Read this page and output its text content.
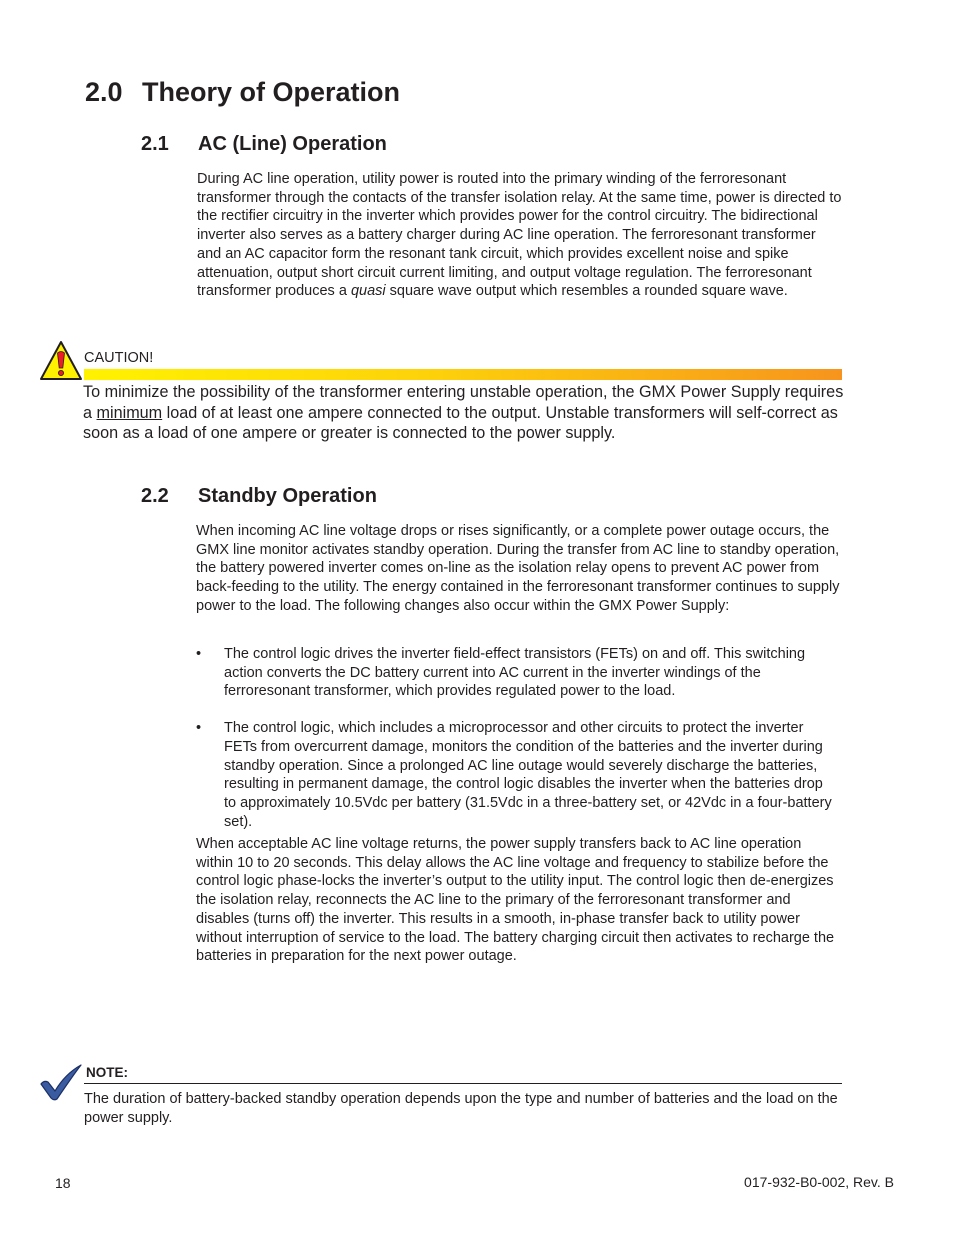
2.0 Theory of Operation
2.1 AC (Line) Operation

During AC line operation, utility power is routed into the primary winding of the ferroresonant transformer through the contacts of the transfer isolation relay. At the same time, power is directed to the rectifier circuitry in the inverter which provides power for the control circuitry. The bidirectional inverter also serves as a battery charger during AC line operation. The ferroresonant transformer and an AC capacitor form the resonant tank circuit, which provides excellent noise and spike attenuation, output short circuit current limiting, and output voltage regulation. The ferroresonant transformer produces a quasi square wave output which resembles a rounded square wave.

CAUTION!

To minimize the possibility of the transformer entering unstable operation, the GMX Power Supply requires a minimum load of at least one ampere connected to the output. Unstable transformers will self-correct as soon as a load of one ampere or greater is connected to the power supply.

2.2 Standby Operation

When incoming AC line voltage drops or rises significantly, or a complete power outage occurs, the GMX line monitor activates standby operation. During the transfer from AC line to standby operation, the battery powered inverter comes on-line as the isolation relay opens to prevent AC power from back-feeding to the utility. The energy contained in the ferroresonant transformer continues to supply power to the load. The following changes also occur within the GMX Power Supply:

• The control logic drives the inverter field-effect transistors (FETs) on and off. This switching action converts the DC battery current into AC current in the inverter windings of the ferroresonant transformer, which provides regulated power to the load.
• The control logic, which includes a microprocessor and other circuits to protect the inverter FETs from overcurrent damage, monitors the condition of the batteries and the inverter during standby operation. Since a prolonged AC line outage would severely discharge the batteries, resulting in permanent damage, the control logic disables the inverter when the batteries drop to approximately 10.5Vdc per battery (31.5Vdc in a three-battery set, or 42Vdc in a four-battery set).

When acceptable AC line voltage returns, the power supply transfers back to AC line operation within 10 to 20 seconds. This delay allows the AC line voltage and frequency to stabilize before the control logic phase-locks the inverter’s output to the utility input. The control logic then de-energizes the isolation relay, reconnects the AC line to the primary of the ferroresonant transformer and disables (turns off) the inverter. This results in a smooth, in-phase transfer back to utility power without interruption of service to the load. The battery charging circuit then activates to recharge the batteries in preparation for the next power outage.

NOTE:

The duration of battery-backed standby operation depends upon the type and number of batteries and the load on the power supply.

18	017-932-B0-002, Rev. B
